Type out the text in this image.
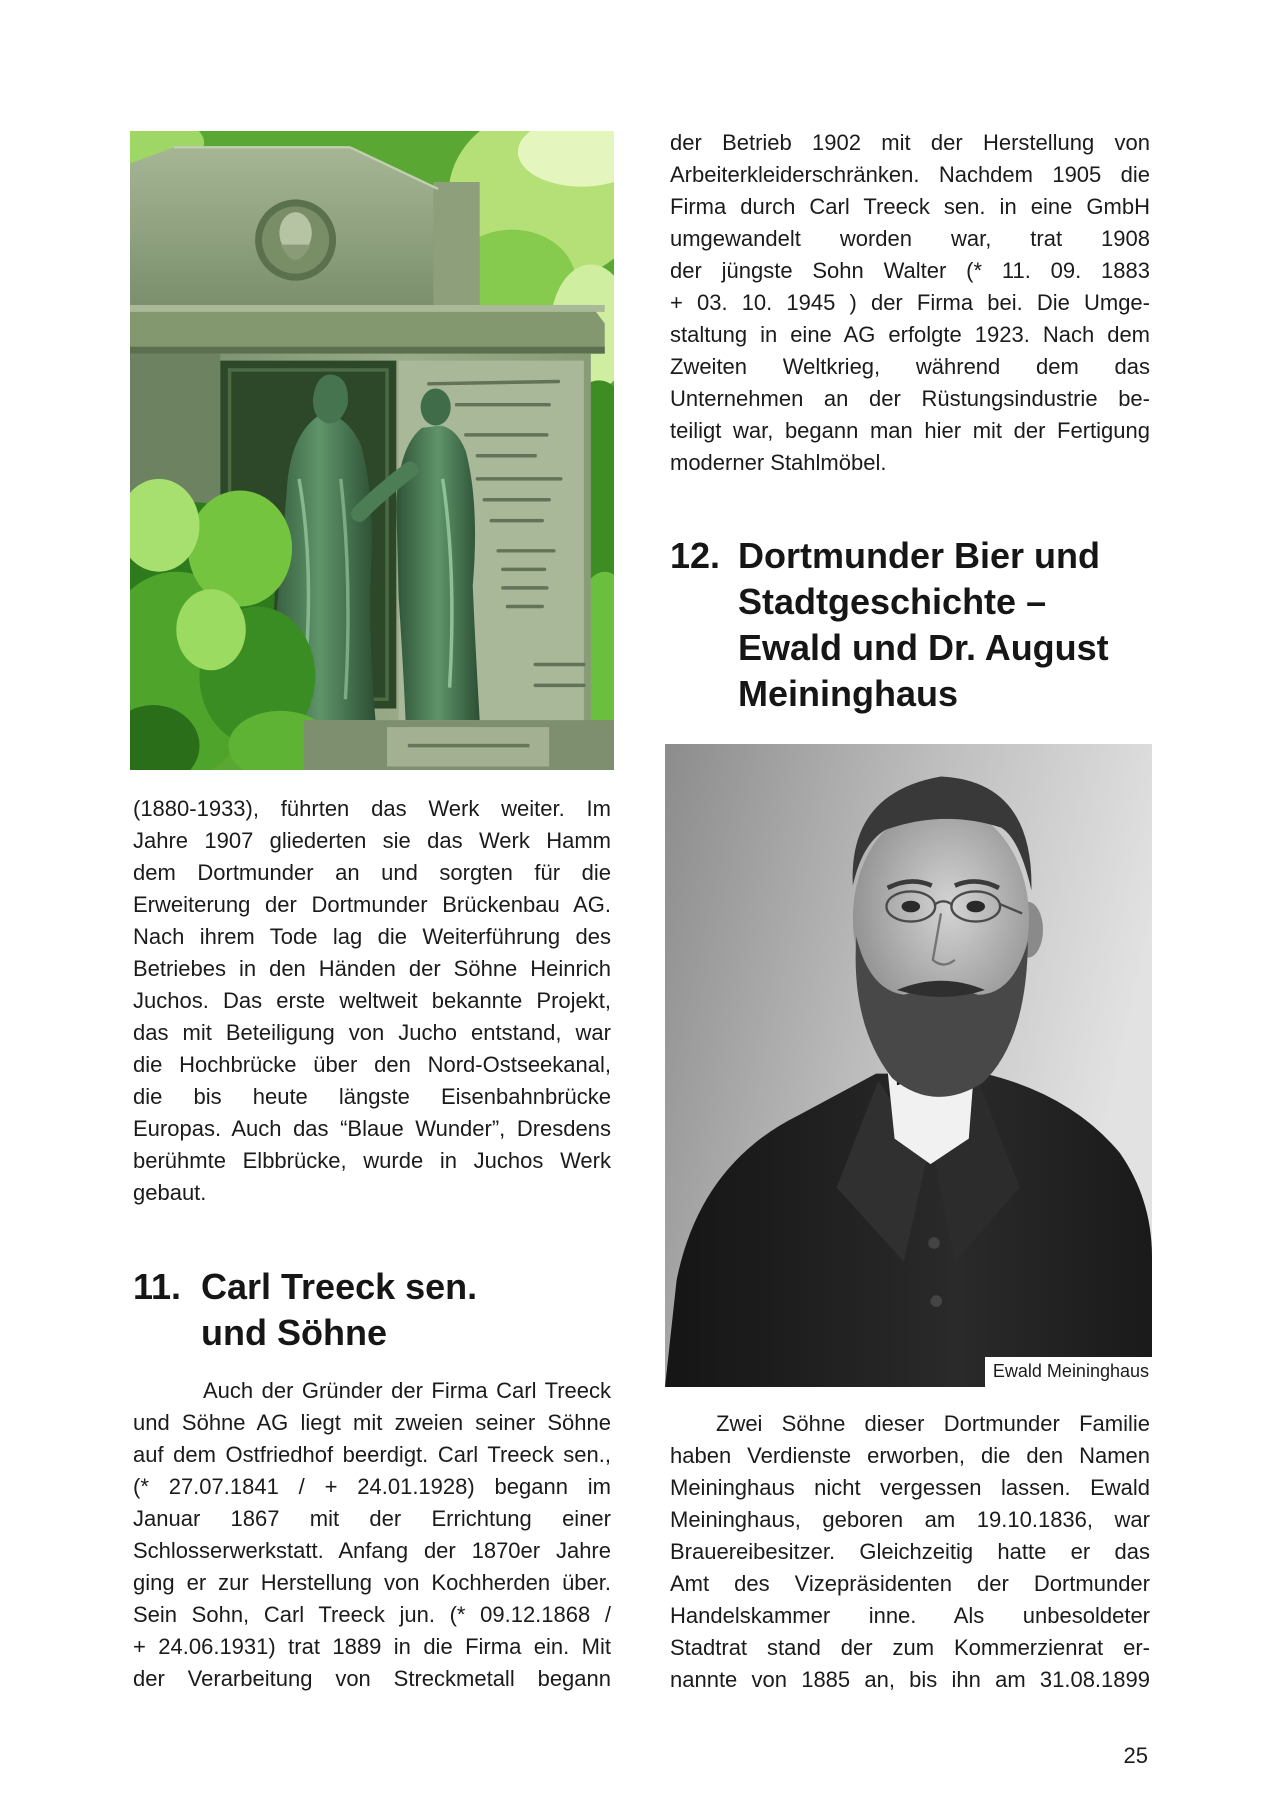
(1880-1933), führten das Werk weiter. Im
Jahre 1907 gliederten sie das Werk Hamm
dem Dortmunder an und sorgten für die
Erweiterung der Dortmunder Brückenbau AG.
Nach ihrem Tode lag die Weiterführung des
Betriebes in den Händen der Söhne Heinrich
Juchos. Das erste weltweit bekannte Projekt,
das mit Beteiligung von Jucho entstand, war
die Hochbrücke über den Nord-Ostseekanal,
die bis heute längste Eisenbahnbrücke
Europas. Auch das “Blaue Wunder”, Dresdens
berühmte Elbbrücke, wurde in Juchos Werk
gebaut.
11. Carl Treeck sen.
und Söhne
Auch der Gründer der Firma Carl Treeck
und Söhne AG liegt mit zweien seiner Söhne
auf dem Ostfriedhof beerdigt. Carl Treeck sen.,
(* 27.07.1841 / + 24.01.1928) begann im
Januar 1867 mit der Errichtung einer
Schlosserwerkstatt. Anfang der 1870er Jahre
ging er zur Herstellung von Kochherden über.
Sein Sohn, Carl Treeck jun. (* 09.12.1868 /
+ 24.06.1931) trat 1889 in die Firma ein. Mit
der Verarbeitung von Streckmetall begann
der Betrieb 1902 mit der Herstellung von
Arbeiterkleiderschränken. Nachdem 1905 die
Firma durch Carl Treeck sen. in eine GmbH
umgewandelt worden war, trat 1908
der jüngste Sohn Walter (* 11. 09. 1883
+ 03. 10. 1945 ) der Firma bei. Die Umge-
staltung in eine AG erfolgte 1923. Nach dem
Zweiten Weltkrieg, während dem das
Unternehmen an der Rüstungsindustrie be-
teiligt war, begann man hier mit der Fertigung
moderner Stahlmöbel.
12. Dortmunder Bier und
Stadtgeschichte –
Ewald und Dr. August
Meininghaus
Ewald Meininghaus
Zwei Söhne dieser Dortmunder Familie
haben Verdienste erworben, die den Namen
Meininghaus nicht vergessen lassen. Ewald
Meininghaus, geboren am 19.10.1836, war
Brauereibesitzer. Gleichzeitig hatte er das
Amt des Vizepräsidenten der Dortmunder
Handelskammer inne. Als unbesoldeter
Stadtrat stand der zum Kommerzienrat er-
nannte von 1885 an, bis ihn am 31.08.1899
25
